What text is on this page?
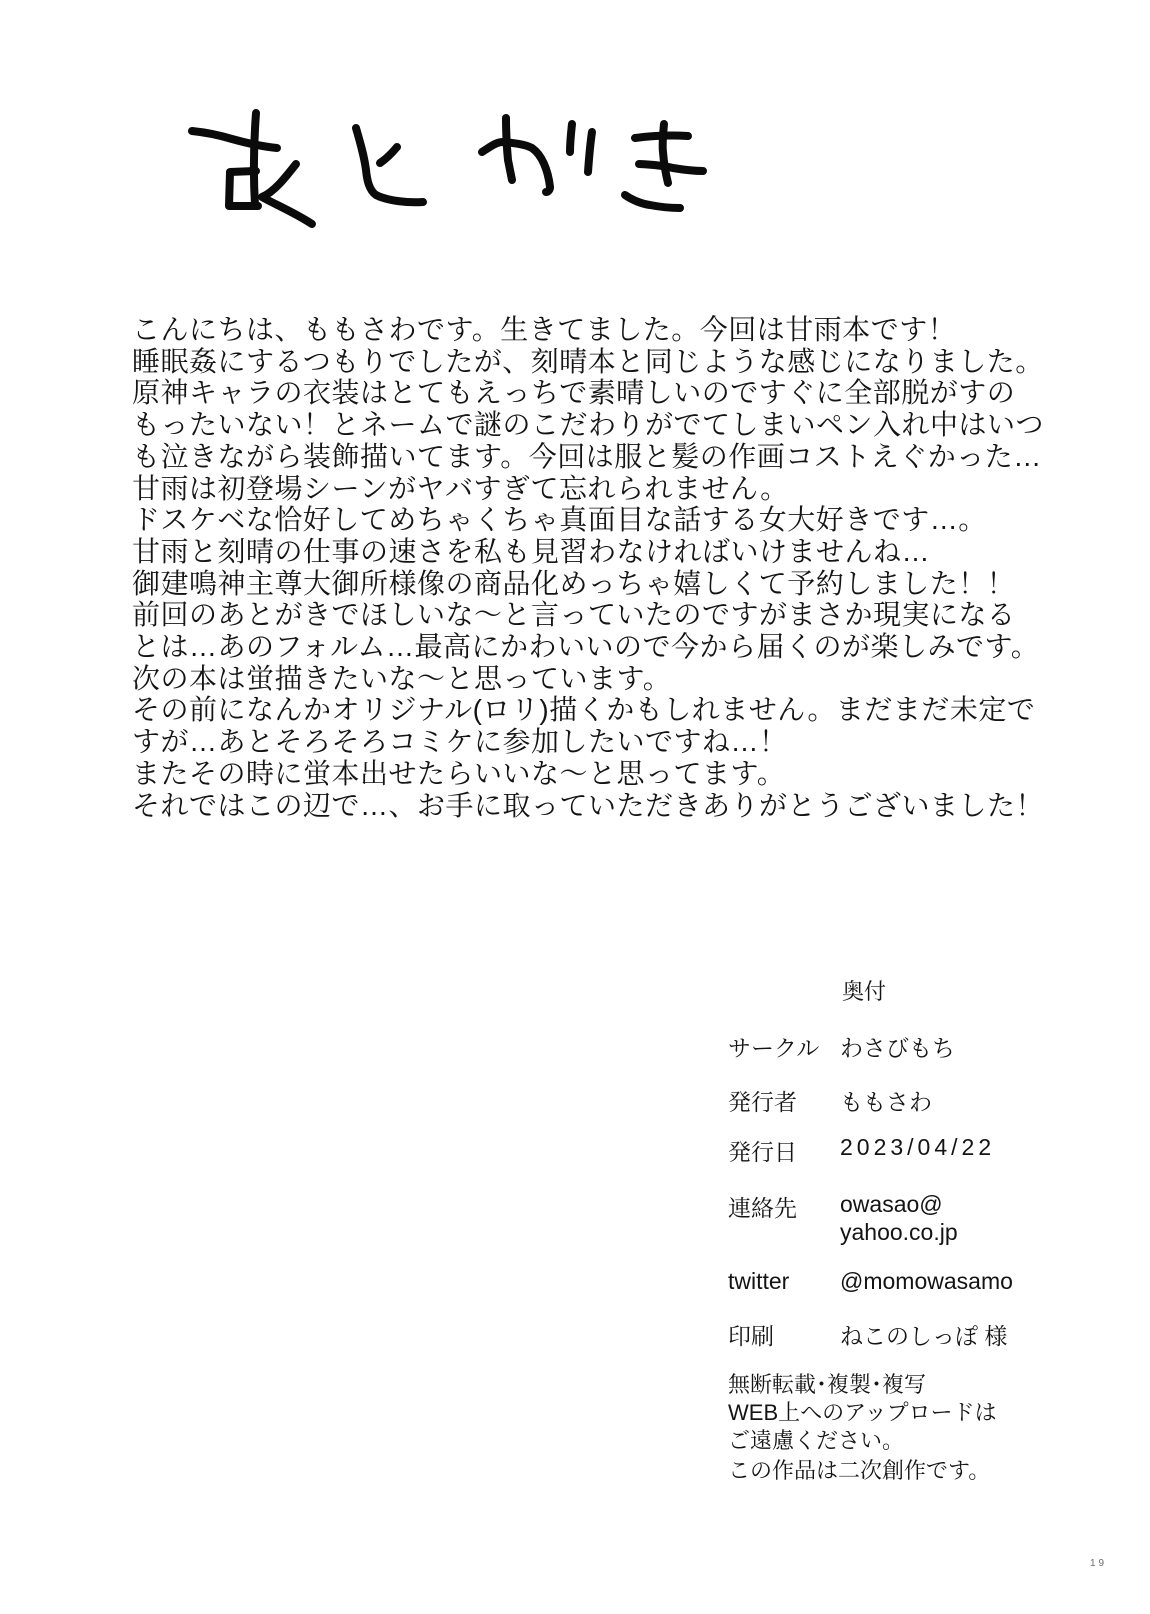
こんにちは、ももさわです。生きてました。今回は甘雨本です！
睡眠姦にするつもりでしたが、刻晴本と同じような感じになりました。
原神キャラの衣装はとてもえっちで素晴しいのですぐに全部脱がすの
もったいない！とネームで謎のこだわりがでてしまいペン入れ中はいつ
も泣きながら装飾描いてます。今回は服と髪の作画コストえぐかった…
甘雨は初登場シーンがヤバすぎて忘れられません。
ドスケベな恰好してめちゃくちゃ真面目な話する女大好きです…。
甘雨と刻晴の仕事の速さを私も見習わなければいけませんね…
御建鳴神主尊大御所様像の商品化めっちゃ嬉しくて予約しました！！
前回のあとがきでほしいな～と言っていたのですがまさか現実になる
とは…あのフォルム…最高にかわいいので今から届くのが楽しみです。
次の本は蛍描きたいな～と思っています。
その前になんかオリジナル(ロリ)描くかもしれません。まだまだ未定で
すが…あとそろそろコミケに参加したいですね…！
またその時に蛍本出せたらいいな～と思ってます。
それではこの辺で…、お手に取っていただきありがとうございました！
奥付
サークル わさびもち
発行者	ももさわ
発行日	2023/04/22
連絡先	owasao@
yahoo.co.jp
twitter	@momowasamo
印刷	ねこのしっぽ 様
無断転載･複製･複写
WEB上へのアップロードは
ご遠慮ください。
この作品は二次創作です。
19
